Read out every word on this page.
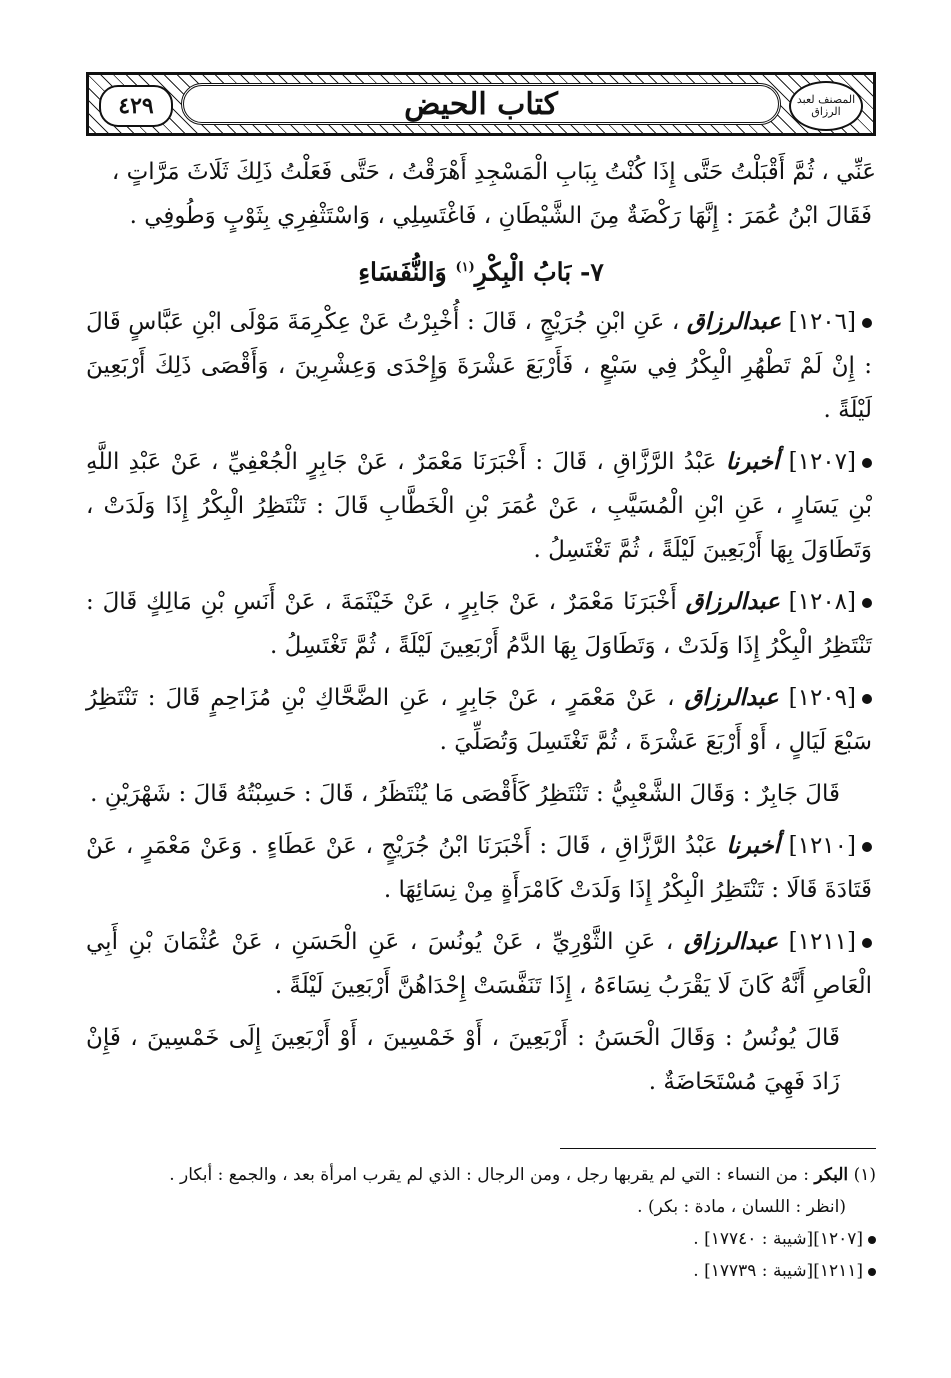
٤٢٩	كتاب الحيض	المصنف لعبد الرزاق

عَنِّي ، ثُمَّ أَقْبَلْتُ حَتَّى إِذَا كُنْتُ بِبَابِ الْمَسْجِدِ أَهْرَقْتُ ، حَتَّى فَعَلْتُ ذَلِكَ ثَلَاثَ مَرَّاتٍ ،

فَقَالَ ابْنُ عُمَرَ : إِنَّهَا رَكْضَةٌ مِنَ الشَّيْطَانِ ، فَاغْتَسِلِي ، وَاسْتَثْفِرِي بِثَوْبٍ وَطُوفِي .

٧- بَابُ الْبِكْرِ$^{(١)}$ وَالنُّفَسَاءِ

[١٢٠٦] عبدالرزاق ، عَنِ ابْنِ جُرَيْجٍ ، قَالَ : أُخْبِرْتُ عَنْ عِكْرِمَةَ مَوْلَى ابْنِ عَبَّاسٍ قَالَ : إِنْ لَمْ تَطْهُرِ الْبِكْرُ فِي سَبْعٍ ، فَأَرْبَعَ عَشْرَةَ وَإِحْدَى وَعِشْرِينَ ، وَأَقْصَى ذَلِكَ أَرْبَعِينَ لَيْلَةً .

[١٢٠٧] أخبرنا عَبْدُ الرَّزَّاقِ ، قَالَ : أَخْبَرَنَا مَعْمَرٌ ، عَنْ جَابِرٍ الْجُعْفِيِّ ، عَنْ عَبْدِ اللَّهِ بْنِ يَسَارٍ ، عَنِ ابْنِ الْمُسَيَّبِ ، عَنْ عُمَرَ بْنِ الْخَطَّابِ قَالَ : تَنْتَظِرُ الْبِكْرُ إِذَا وَلَدَتْ ، وَتَطَاوَلَ بِهَا أَرْبَعِينَ لَيْلَةً ، ثُمَّ تَغْتَسِلُ .

[١٢٠٨] عبدالرزاق أَخْبَرَنَا مَعْمَرٌ ، عَنْ جَابِرٍ ، عَنْ خَيْثَمَةَ ، عَنْ أَنَسِ بْنِ مَالِكٍ قَالَ : تَنْتَظِرُ الْبِكْرُ إِذَا وَلَدَتْ ، وَتَطَاوَلَ بِهَا الدَّمُ أَرْبَعِينَ لَيْلَةً ، ثُمَّ تَغْتَسِلُ .

[١٢٠٩] عبدالرزاق ، عَنْ مَعْمَرٍ ، عَنْ جَابِرٍ ، عَنِ الضَّحَّاكِ بْنِ مُزَاحِمٍ قَالَ : تَنْتَظِرُ سَبْعَ لَيَالٍ ، أَوْ أَرْبَعَ عَشْرَةَ ، ثُمَّ تَغْتَسِلَ وَتُصَلِّيَ .

قَالَ جَابِرٌ : وَقَالَ الشَّعْبِيُّ : تَنْتَظِرُ كَأَقْصَى مَا يُنْتَظَرُ ، قَالَ : حَسِبْتُهُ قَالَ : شَهْرَيْنِ .

[١٢١٠] أخبرنا عَبْدُ الرَّزَّاقِ ، قَالَ : أَخْبَرَنَا ابْنُ جُرَيْجٍ ، عَنْ عَطَاءٍ . وَعَنْ مَعْمَرٍ ، عَنْ قَتَادَةَ قَالَا : تَنْتَظِرُ الْبِكْرُ إِذَا وَلَدَتْ كَامْرَأَةٍ مِنْ نِسَائِهَا .

[١٢١١] عبدالرزاق ، عَنِ الثَّوْرِيِّ ، عَنْ يُونُسَ ، عَنِ الْحَسَنِ ، عَنْ عُثْمَانَ بْنِ أَبِي الْعَاصِ أَنَّهُ كَانَ لَا يَقْرَبُ نِسَاءَهُ ، إِذَا تَنَفَّسَتْ إِحْدَاهُنَّ أَرْبَعِينَ لَيْلَةً .

قَالَ يُونُسُ : وَقَالَ الْحَسَنُ : أَرْبَعِينَ ، أَوْ خَمْسِينَ ، أَوْ أَرْبَعِينَ إِلَى خَمْسِينَ ، فَإِنْ زَادَ فَهِيَ مُسْتَحَاضَةٌ .

(١) البكر : من النساء : التي لم يقربها رجل ، ومن الرجال : الذي لم يقرب امرأة بعد ، والجمع : أبكار .

(انظر : اللسان ، مادة : بكر) .

[١٢٠٧][شيبة : ١٧٧٤٠] .

[١٢١١][شيبة : ١٧٧٣٩] .
